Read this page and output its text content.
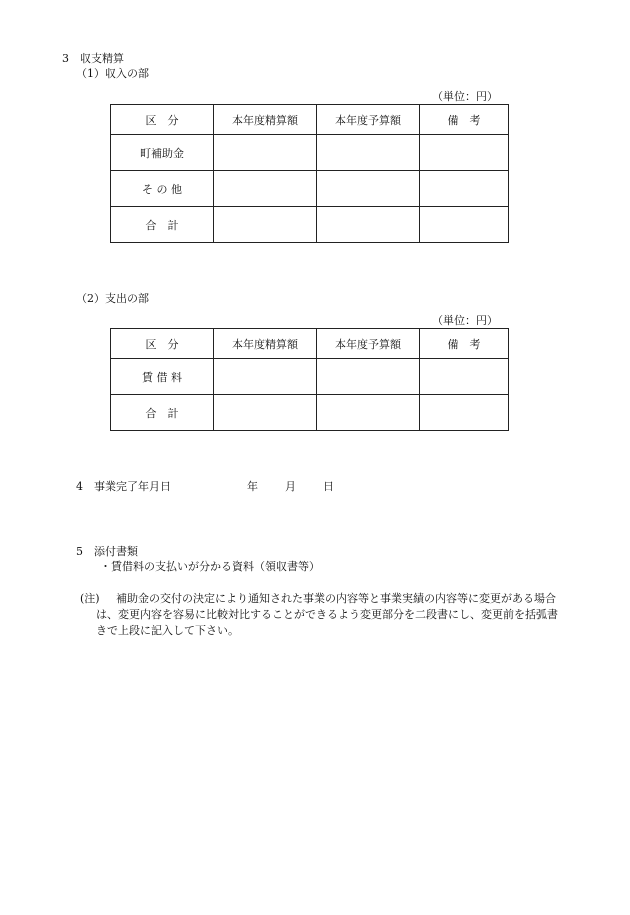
3　収支精算
（1）収入の部
（単位：円）
区　分	本年度精算額	本年度予算額	備　考
町補助金			
そ の 他			
合　計			
（2）支出の部
（単位：円）
区　分	本年度精算額	本年度予算額	備　考
賃 借 料			
合　計			
4　事業完了年月日	年 月 日
5　添付書類
・賃借料の支払いが分かる資料（領収書等）
(注) 補助金の交付の決定により通知された事業の内容等と事業実績の内容等に変更がある場合
は、変更内容を容易に比較対比することができるよう変更部分を二段書にし、変更前を括弧書
きで上段に記入して下さい。
